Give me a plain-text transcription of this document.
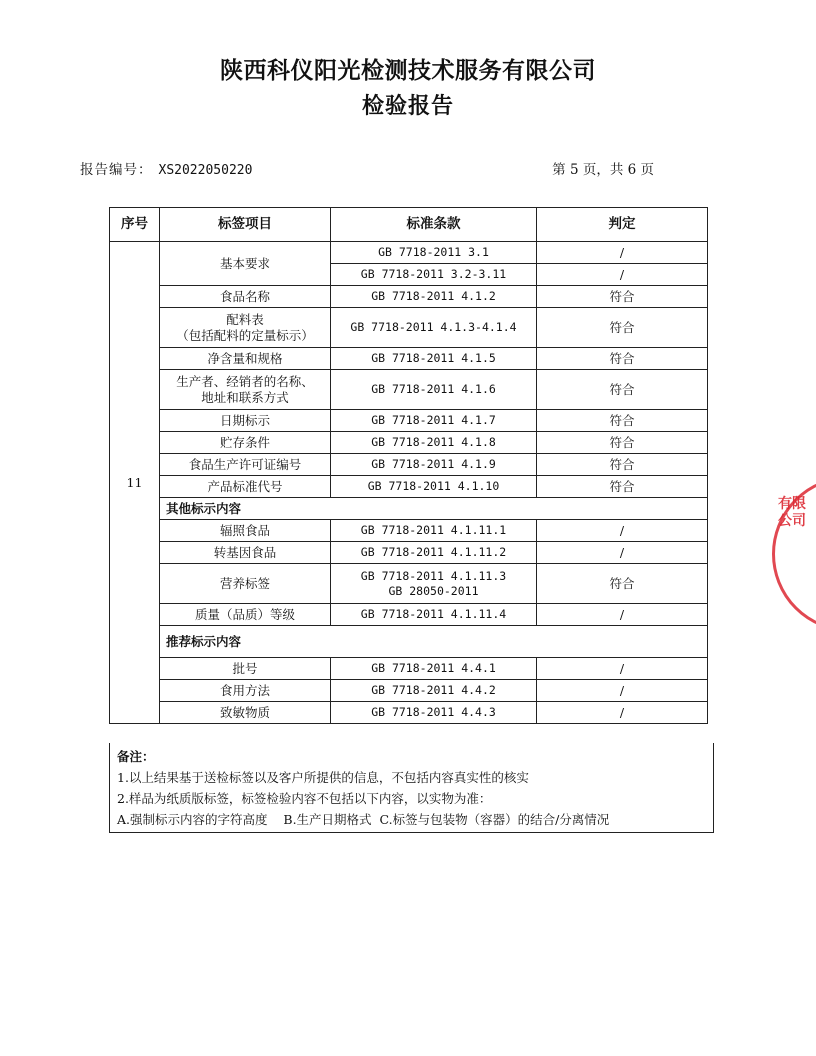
陕西科仪阳光检测技术服务有限公司
检验报告
报告编号： XS2022050220	第 5 页，共 6 页
序号	标签项目	标准条款	判定
11	基本要求	GB 7718-2011 3.1	/
		GB 7718-2011 3.2-3.11	/
	食品名称	GB 7718-2011 4.1.2	符合

	配料表
（包括配料的定量标示）	GB 7718-2011 4.1.3-4.1.4	符合
	净含量和规格	GB 7718-2011 4.1.5	符合

	生产者、经销者的名称、
地址和联系方式	GB 7718-2011 4.1.6	符合
	日期标示	GB 7718-2011 4.1.7	符合
	贮存条件	GB 7718-2011 4.1.8	符合
	食品生产许可证编号	GB 7718-2011 4.1.9	符合
	产品标准代号	GB 7718-2011 4.1.10	符合
	其他标示内容		
	辐照食品	GB 7718-2011 4.1.11.1	/
	转基因食品	GB 7718-2011 4.1.11.2	/
	营养标签	GB 7718-2011 4.1.11.3
GB 28050-2011	符合
	质量（品质）等级	GB 7718-2011 4.1.11.4	/
	推荐标示内容		
	批号	GB 7718-2011 4.4.1	/
	食用方法	GB 7718-2011 4.4.2	/
	致敏物质	GB 7718-2011 4.4.3	/
备注：
1.以上结果基于送检标签以及客户所提供的信息，不包括内容真实性的核实
2.样品为纸质版标签，标签检验内容不包括以下内容，以实物为准：
A.强制标示内容的字符高度    B.生产日期格式  C.标签与包装物（容器）的结合/分离情况
有限公司
